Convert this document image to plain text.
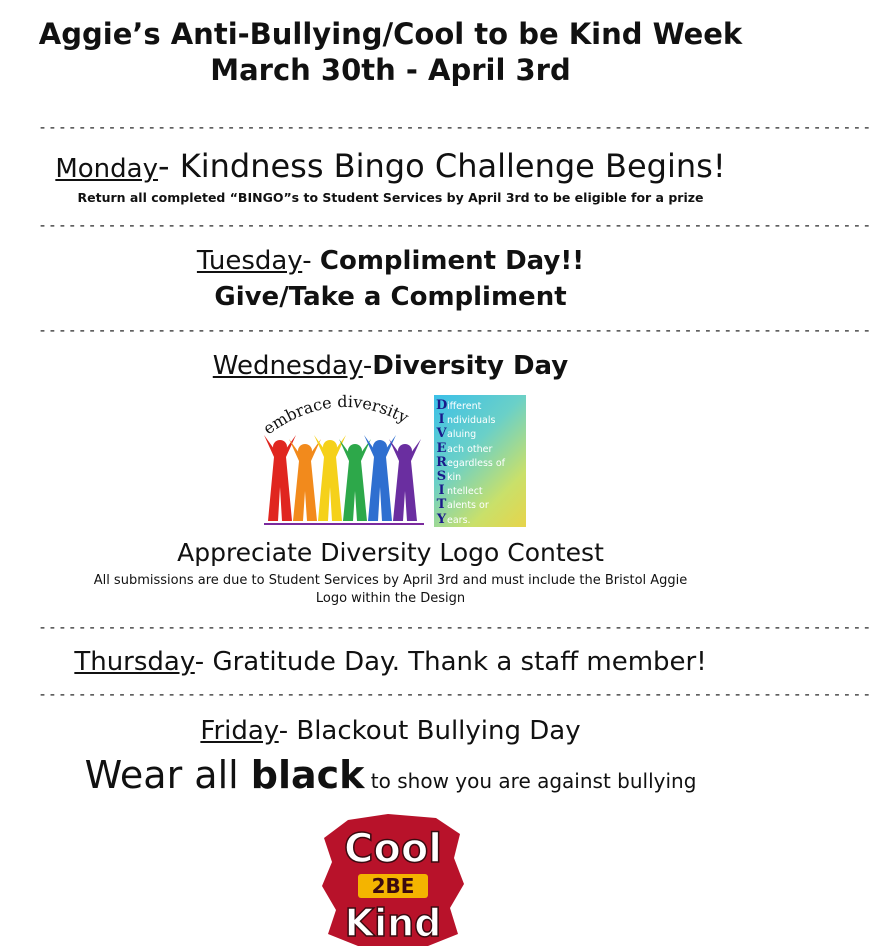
Aggie’s Anti-Bullying/Cool to be Kind Week
March 30th - April 3rd
------------------------------------------------------------------------------------
Monday- Kindness Bingo Challenge Begins!
Return all completed “BINGO”s to Student Services by April 3rd to be eligible for a prize
------------------------------------------------------------------------------------
Tuesday- Compliment Day!!
Give/Take a Compliment
------------------------------------------------------------------------------------
Wednesday-Diversity Day
embrace diversity
Different
I ndividuals
Valuing
Each other
Regardless of
Skin
I ntellect
Talents or
Years.
Appreciate Diversity Logo Contest
All submissions are due to Student Services by April 3rd and must include the Bristol Aggie
Logo within the Design
------------------------------------------------------------------------------------
Thursday- Gratitude Day. Thank a staff member!
------------------------------------------------------------------------------------
Friday- Blackout Bullying Day
Wear all black to show you are against bullying
Cool
2BE
Kind
